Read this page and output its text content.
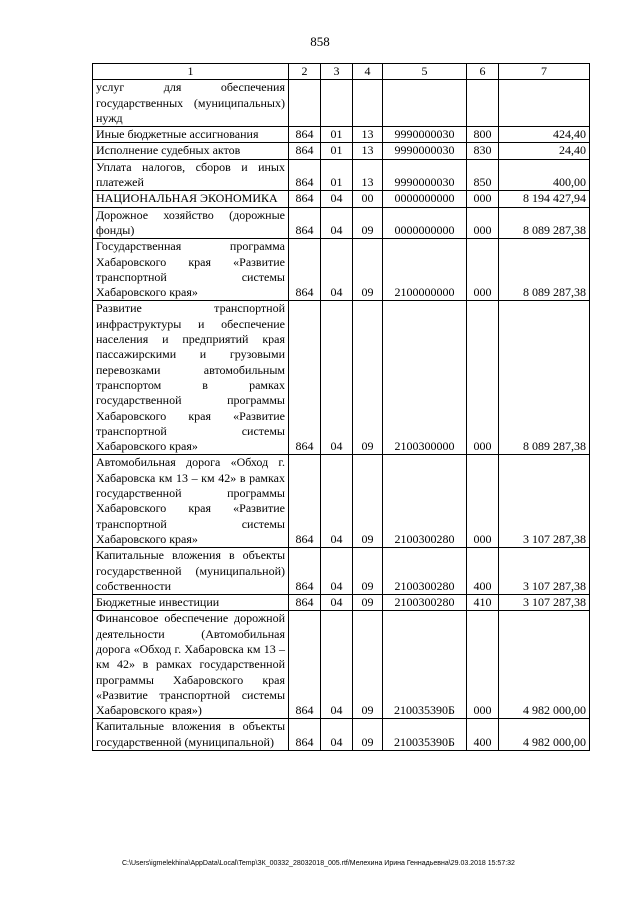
858
1	2	3	4	5	6	7
услуг для обеспечения государственных (муниципальных) нужд						
Иные бюджетные ассигнования	864	01	13	9990000030	800	424,40
Исполнение судебных актов	864	01	13	9990000030	830	24,40
Уплата налогов, сборов и иных платежей	864	01	13	9990000030	850	400,00
НАЦИОНАЛЬНАЯ ЭКОНОМИКА	864	04	00	0000000000	000	8 194 427,94
Дорожное хозяйство (дорожные фонды)	864	04	09	0000000000	000	8 089 287,38
Государственная программа Хабаровского края «Развитие транспортной системы Хабаровского края»	864	04	09	2100000000	000	8 089 287,38
Развитие транспортной инфраструктуры и обеспечение населения и предприятий края пассажирскими и грузовыми перевозками автомобильным транспортом в рамках государственной программы Хабаровского края «Развитие транспортной системы Хабаровского края»	864	04	09	2100300000	000	8 089 287,38
Автомобильная дорога «Обход г. Хабаровска км 13 – км 42» в рамках государственной программы Хабаровского края «Развитие транспортной системы Хабаровского края»	864	04	09	2100300280	000	3 107 287,38
Капитальные вложения в объекты государственной (муниципальной) собственности	864	04	09	2100300280	400	3 107 287,38
Бюджетные инвестиции	864	04	09	2100300280	410	3 107 287,38
Финансовое обеспечение дорожной деятельности (Автомобильная дорога «Обход г. Хабаровска км 13 – км 42» в рамках государственной программы Хабаровского края «Развитие транспортной системы Хабаровского края»)	864	04	09	210035390Б	000	4 982 000,00
Капитальные вложения в объекты государственной (муниципальной)	864	04	09	210035390Б	400	4 982 000,00
C:\Users\igmelekhina\AppData\Local\Temp\ЗК_00332_28032018_005.rtf/Мелехина Ирина Геннадьевна\29.03.2018 15:57:32
